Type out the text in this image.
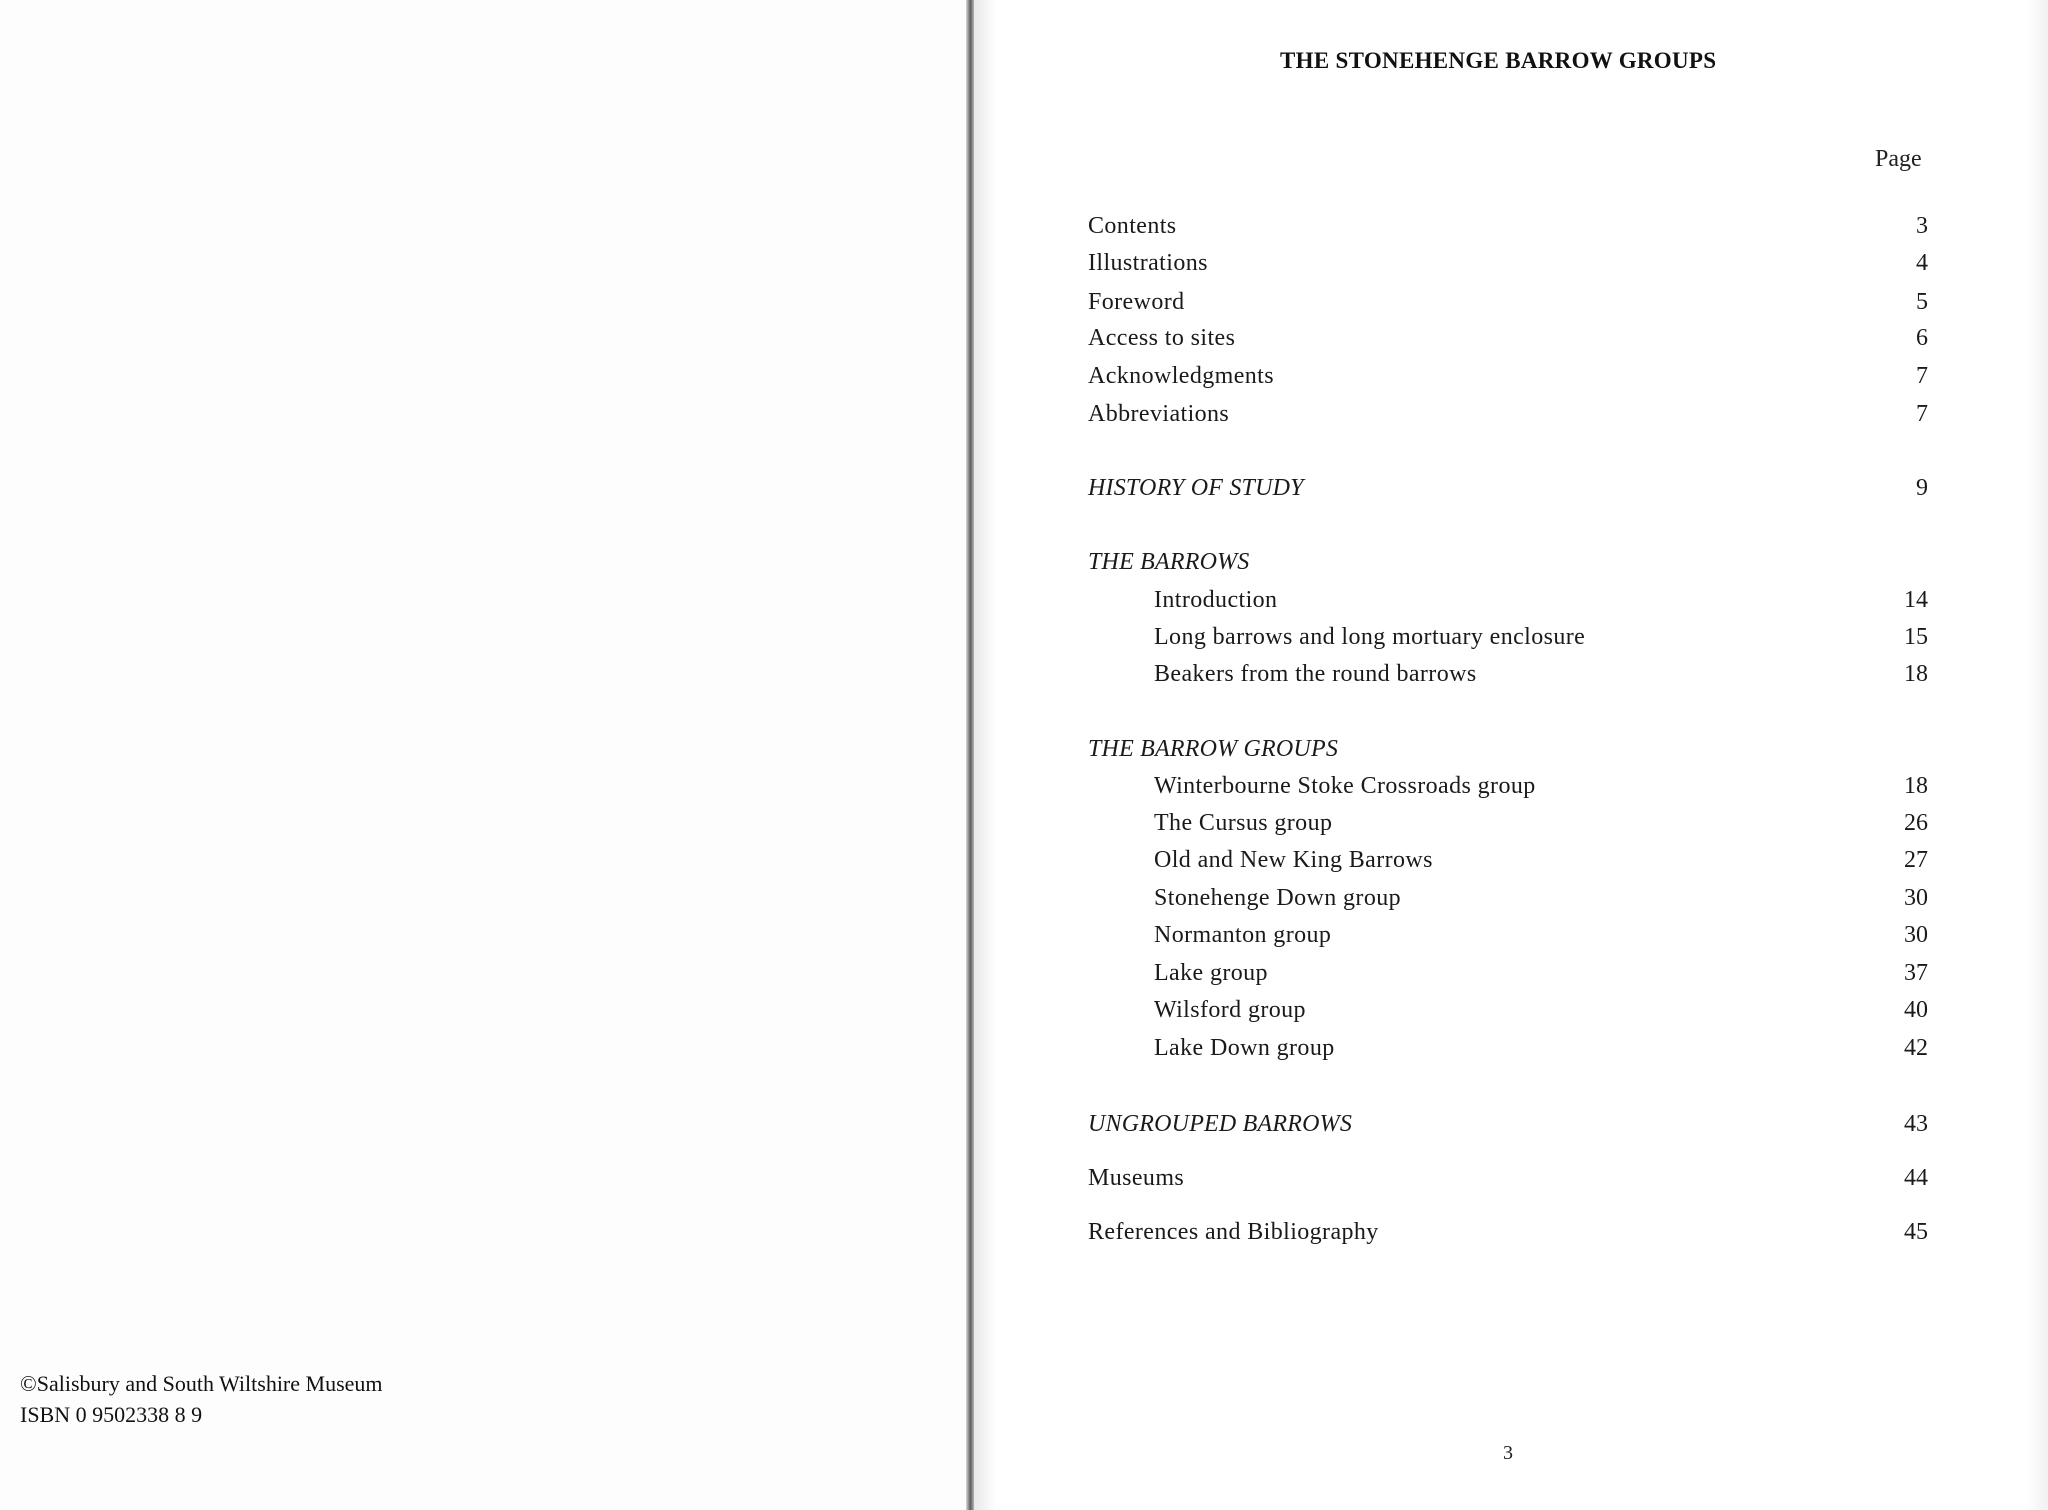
©Salisbury and South Wiltshire Museum
ISBN 0 9502338 8 9
THE STONEHENGE BARROW GROUPS
Page
Contents	3
Illustrations	4
Foreword	5
Access to sites	6
Acknowledgments	7
Abbreviations	7
HISTORY OF STUDY	9
THE BARROWS
Introduction	14
Long barrows and long mortuary enclosure	15
Beakers from the round barrows	18
THE BARROW GROUPS
Winterbourne Stoke Crossroads group	18
The Cursus group	26
Old and New King Barrows	27
Stonehenge Down group	30
Normanton group	30
Lake group	37
Wilsford group	40
Lake Down group	42
UNGROUPED BARROWS	43
Museums	44
References and Bibliography	45
3
